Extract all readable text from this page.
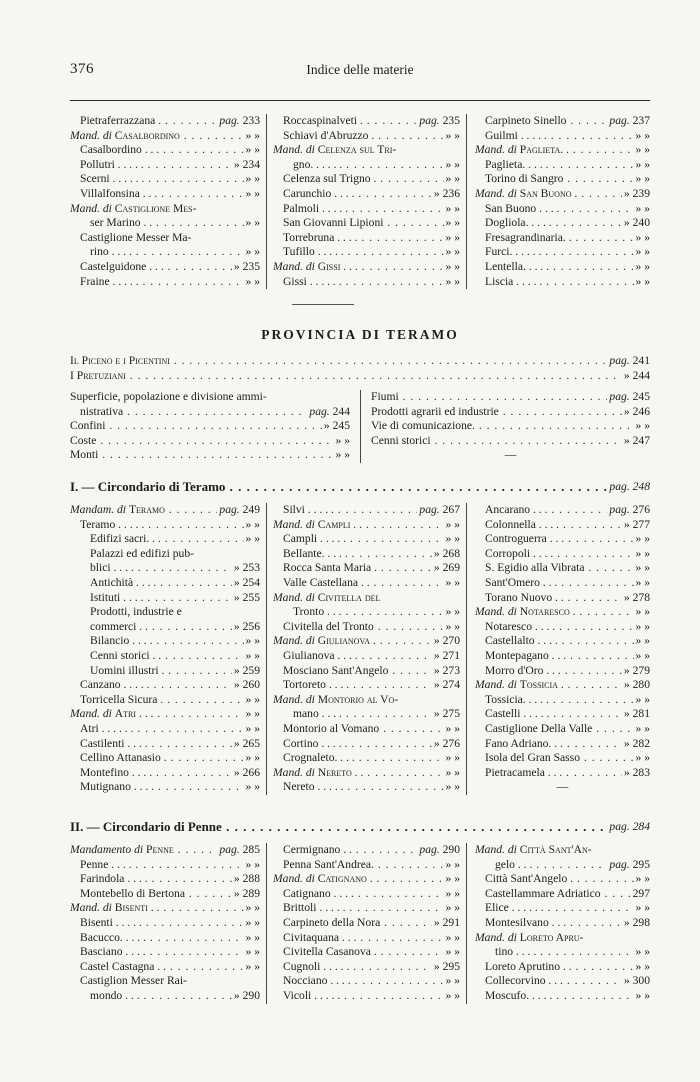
376	Indice delle materie
Pietraferrazzana . . . .	pag. 233
Mand. di Casalbordino . . .	» »
Casalbordino . . . . . .	» »
Pollutri . . . . . . . .	» 234
Scerni . . . . . . . . .	» »
Villalfonsina . . . . . .	» »
Mand. di Castiglione Mes-
ser Marino . . . . .	» »
Castiglione Messer Ma-
rino . . . . . . .	» »
Castelguidone . . . . . .	» 235
Fraine . . . . . . . .	» »
Roccaspinalveti . . . .	pag. 235
Schiavi d'Abruzzo . . . .	» »
Mand. di Celenza sul Tri-
gno. . . . . . . . .	» »
Celenza sul Trigno . . . .	» »
Carunchio . . . . . . .	» 236
Palmoli . . . . . . . .	» »
San Giovanni Lipioni . . .	» »
Torrebruna . . . . . . .	» »
Tufillo . . . . . . . .	» »
Mand. di Gissi . . . . . .	» »
Gissi . . . . . . . . .	» »
Carpineto Sinello . . .	pag. 237
Guilmi . . . . . . . .	» »
Mand. di Paglieta. . . . .	» »
Paglieta. . . . . . . .	» »
Torino di Sangro . . .	» »
Mand. di San Buono . . . .	» 239
San Buono . . . . . . .	» »
Dogliola. . . . . . . .	» 240
Fresagrandinaria. . . . .	» »
Furci. . . . . . . . .	» »
Lentella. . . . . . . .	» »
Liscia . . . . . . . .	» »
PROVINCIA DI TERAMO
Il Piceno e i Picentini . . .	pag. 241
I Pretuziani . . .	» 244
Superficie, popolazione e divisione ammi-
nistrativa . . .	pag. 244
Confini . . .	» 245
Coste . . .	» »
Monti . . .	» »
Fiumi . . .	pag. 245
Prodotti agrarii ed industrie . . .	» 246
Vie di comunicazione. . . .	» »
Cenni storici . . .	» 247
—
I. — Circondario di Teramo . . .	pag. 248
Mandam. di Teramo . . .	pag. 249
Teramo . . . . . . . .	» »
Edifizi sacri. . . . . .	» »
Palazzi ed edifizi pub-
blici . . . . . . .	» 253
Antichità . . . . . . .	» 254
Istituti . . . . . . .	» 255
Prodotti, industrie e
commerci . . . . .	» 256
Bilancio . . . . . . .	» »
Cenni storici . . . . .	» »
Uomini illustri . . . .	» 259
Canzano . . . . . . . .	» 260
Torricella Sicura . . . .	» »
Mand. di Atri . . . . . .	» »
Atri . . . . . . . . .	» »
Castilenti . . . . . . .	» 265
Cellino Attanasio . . . .	» »
Montefino . . . . . . .	» 266
Mutignano . . . . . . .	» »
Silvi . . . . . . . .	pag. 267
Mand. di Campli . . . . .	» »
Campli . . . . . . . .	» »
Bellante. . . . . . . .	» 268
Rocca Santa Maria . . . .	» 269
Valle Castellana . . . . .	» »
Mand. di Civitella del
Tronto . . . . . .	» »
Civitella del Tronto . . .	» »
Mand. di Giulianova . . . .	» 270
Giulianova . . . . . . .	» 271
Mosciano Sant'Angelo . . .	» 273
Tortoreto . . . . . . .	» 274
Mand. di Montorio al Vo-
mano . . . . . . .	» 275
Montorio al Vomano . . .	» »
Cortino . . . . . . . .	» 276
Crognaleto. . . . . . .	» »
Mand. di Nereto . . . . .	» »
Nereto . . . . . . . .	» »
Ancarano . . . . . .	pag. 276
Colonnella . . . . . . .	» 277
Controguerra . . . . . .	» »
Corropoli . . . . . . .	» »
S. Egidio alla Vibrata . . .	» »
Sant'Omero . . . . . .	» »
Torano Nuovo . . . . .	» 278
Mand. di Notaresco . . . .	» »
Notaresco . . . . . . .	» »
Castellalto . . . . . . .	» »
Montepagano . . . . . .	» »
Morro d'Oro . . . . . .	» 279
Mand. di Tossicia . . . .	» 280
Tossicia. . . . . . . .	» »
Castelli . . . . . . . .	» 281
Castiglione Della Valle . . .	» »
Fano Adriano. . . . . .	» 282
Isola del Gran Sasso . . .	» »
Pietracamela . . . . . .	» 283
—
II. — Circondario di Penne . . .	pag. 284
Mandamento di Penne . . .	pag. 285
Penne . . . . . . .	» »
Farindola . . . . . . .	» 288
Montebello di Bertona . . .	» 289
Mand. di Bisenti . . . . .	» »
Bisenti . . . . . . . .	» »
Bacucco. . . . . . . .	» »
Basciano . . . . . . .	» »
Castel Castagna . . . . .	» »
Castiglion Messer Rai-
mondo . . . . . .	» 290
Cermignano . . . . .	pag. 290
Penna Sant'Andrea. . . .	» »
Mand. di Catignano . . . .	» »
Catignano . . . . . . .	» »
Brittoli . . . . . . . .	» »
Carpineto della Nora . . .	» 291
Civitaquana . . . . . .	» »
Civitella Casanova . . . .	» »
Cugnoli . . . . . . . .	» 295
Nocciano . . . . . . .	» »
Vicoli . . . . . . . .	» »
Mand. di Città Sant'An-
gelo . . . . . .	pag. 295
Città Sant'Angelo . . . .	» »
Castellammare Adriatico . . .	297
Elice . . . . . . . . .	» »
Montesilvano . . . . . .	» 298
Mand. di Loreto Apru-
tino . . . . . . .	» »
Loreto Aprutino . . . . .	» »
Collecorvino . . . . . .	» 300
Moscufo. . . . . . . .	» »
